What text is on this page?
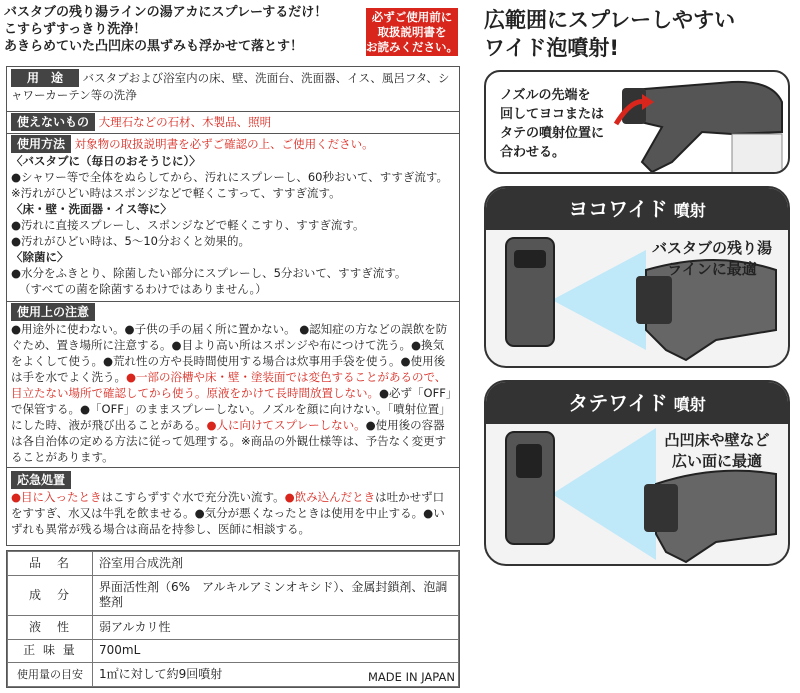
バスタブの残り湯ラインの湯アカにスプレーするだけ！
こすらずすっきり洗浄！
あきらめていた凸凹床の黒ずみも浮かせて落とす！
必ずご使用前に
取扱説明書を
お読みください。
用　途 バスタブおよび浴室内の床、壁、洗面台、洗面器、イス、風呂フタ、シャワーカーテン等の洗浄
使えないもの 大理石などの石材、木製品、照明
使用方法 対象物の取扱説明書を必ずご確認の上、ご使用ください。
〈バスタブに（毎日のおそうじに）〉
●シャワー等で全体をぬらしてから、汚れにスプレーし、60秒おいて、すすぎ流す。
※汚れがひどい時はスポンジなどで軽くこすって、すすぎ流す。
〈床・壁・洗面器・イス等に〉
●汚れに直接スプレーし、スポンジなどで軽くこすり、すすぎ流す。
●汚れがひどい時は、5〜10分おくと効果的。
〈除菌に〉
●水分をふきとり、除菌したい部分にスプレーし、5分おいて、すすぎ流す。
（すべての菌を除菌するわけではありません。）
使用上の注意
●用途外に使わない。●子供の手の届く所に置かない。 ●認知症の方などの誤飲を防ぐため、置き場所に注意する。●目より高い所はスポンジや布につけて洗う。●換気をよくして使う。●荒れ性の方や長時間使用する場合は炊事用手袋を使う。●使用後は手を水でよく洗う。●一部の浴槽や床・壁・塗装面では変色することがあるので、目立たない場所で確認してから使う。原液をかけて長時間放置しない。●必ず「OFF」で保管する。●「OFF」のままスプレーしない。ノズルを顔に向けない。「噴射位置」にした時、液が飛び出ることがある。●人に向けてスプレーしない。●使用後の容器は各自治体の定める方法に従って処理する。※商品の外観仕様等は、予告なく変更することがあります。
応急処置
●目に入ったときはこすらずすぐ水で充分洗い流す。●飲み込んだときは吐かせず口をすすぎ、水又は牛乳を飲ませる。●気分が悪くなったときは使用を中止する。●いずれも異常が残る場合は商品を持参し、医師に相談する。
品　名	浴室用合成洗剤
成　分	界面活性剤（6%　アルキルアミンオキシド）、金属封鎖剤、泡調整剤
液　性	弱アルカリ性
正 味 量	700mL
使用量の目安	1㎡に対して約9回噴射	MADE IN JAPAN
広範囲にスプレーしやすい
ワイド泡噴射!
ノズルの先端を
回してヨコまたは
タテの噴射位置に
合わせる。
ヨコワイド 噴射
バスタブの残り湯
ラインに最適
タテワイド 噴射
凸凹床や壁など
広い面に最適
